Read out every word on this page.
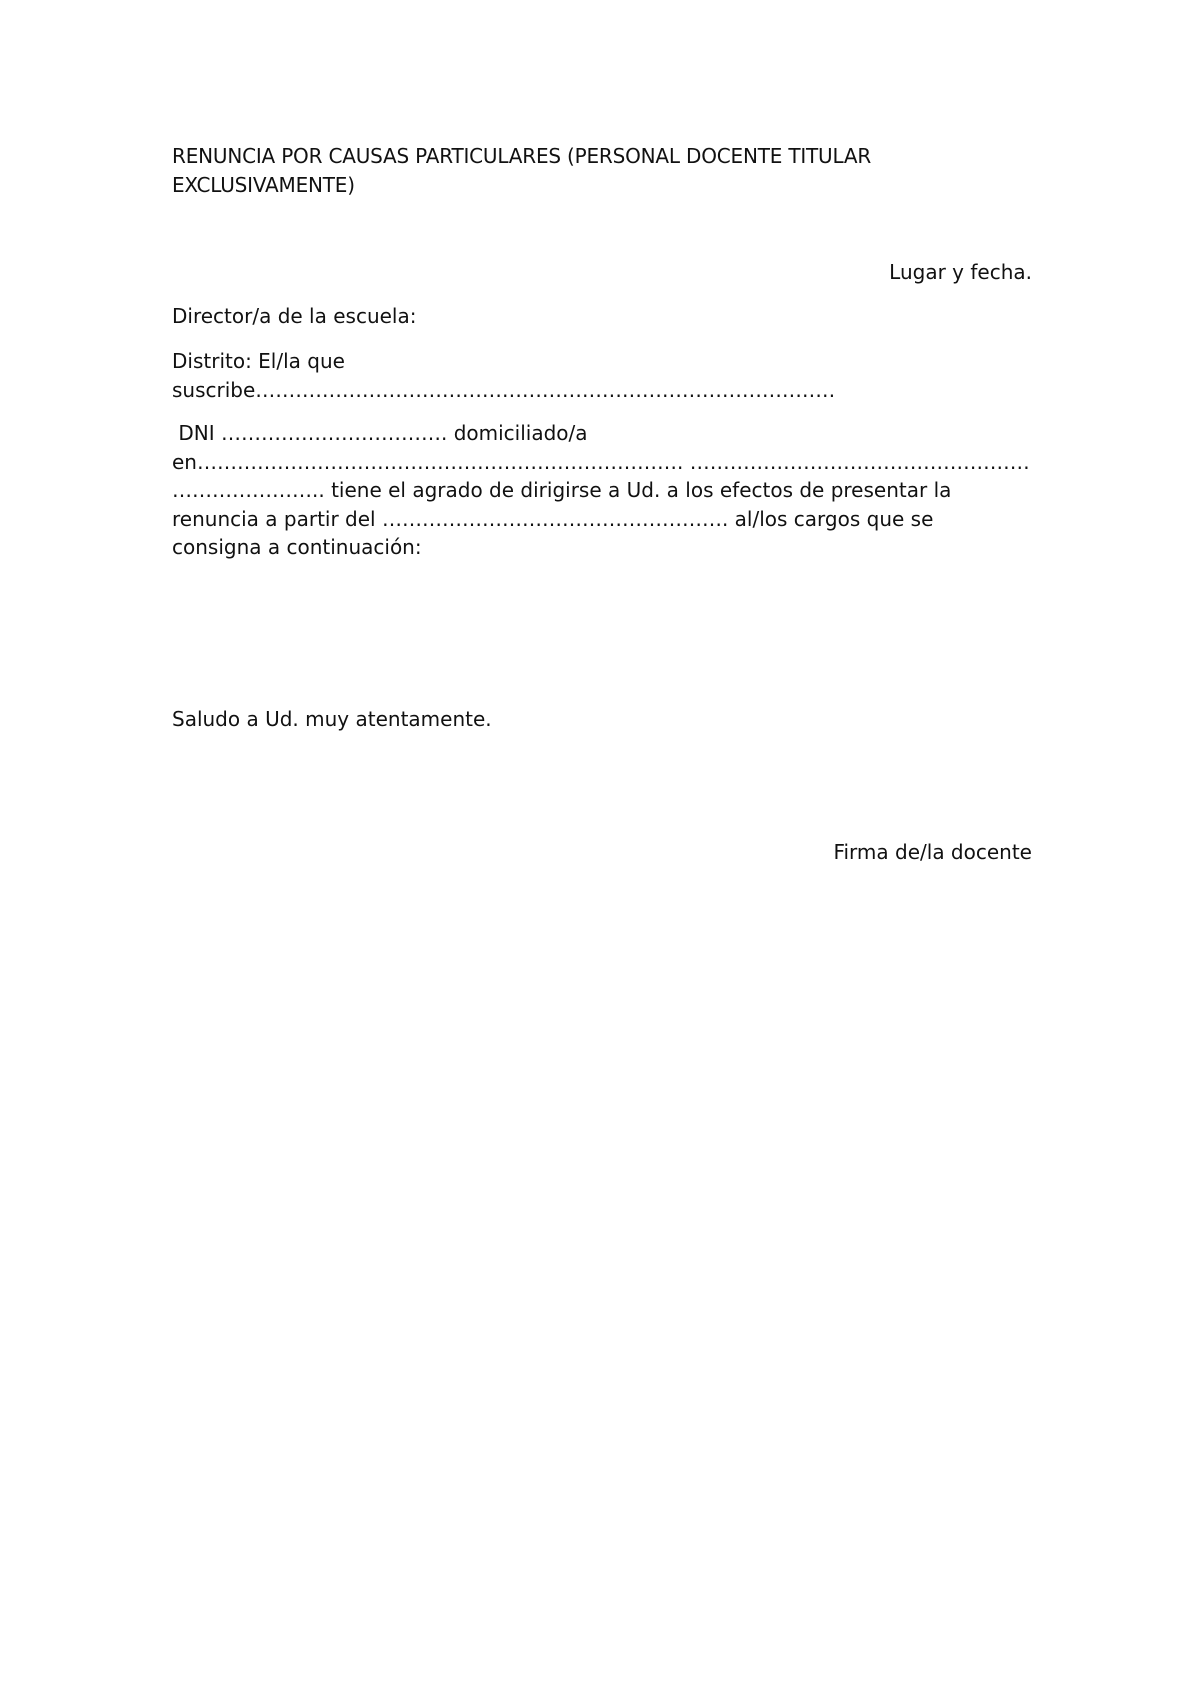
RENUNCIA POR CAUSAS PARTICULARES (PERSONAL DOCENTE TITULAR EXCLUSIVAMENTE)

Lugar y fecha.

Director/a de la escuela:

Distrito: El/la que
suscribe……………………………………………………………………………

DNI ……………………………. domiciliado/a
en………………………………………………………………. ……………………………………………
………………….. tiene el agrado de dirigirse a Ud. a los efectos de presentar la
renuncia a partir del ……………………………………………. al/los cargos que se
consigna a continuación:

Saludo a Ud. muy atentamente.

Firma de/la docente
